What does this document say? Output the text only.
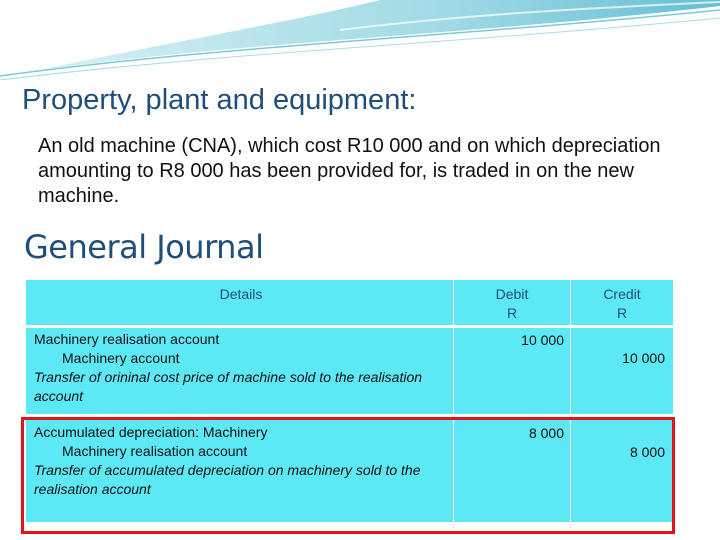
Property, plant and equipment:
An old machine (CNA), which cost R10 000 and on which depreciation amounting to R8 000 has been provided for, is traded in on the new machine.
General Journal
Details	Debit
R
Credit
R
Machinery realisation account
Machinery account
Transfer of orininal cost price of machine sold to the realisation account
10 000
10 000
Accumulated depreciation: Machinery
Machinery realisation account
Transfer of accumulated depreciation on machinery sold to the realisation account
8 000
8 000
